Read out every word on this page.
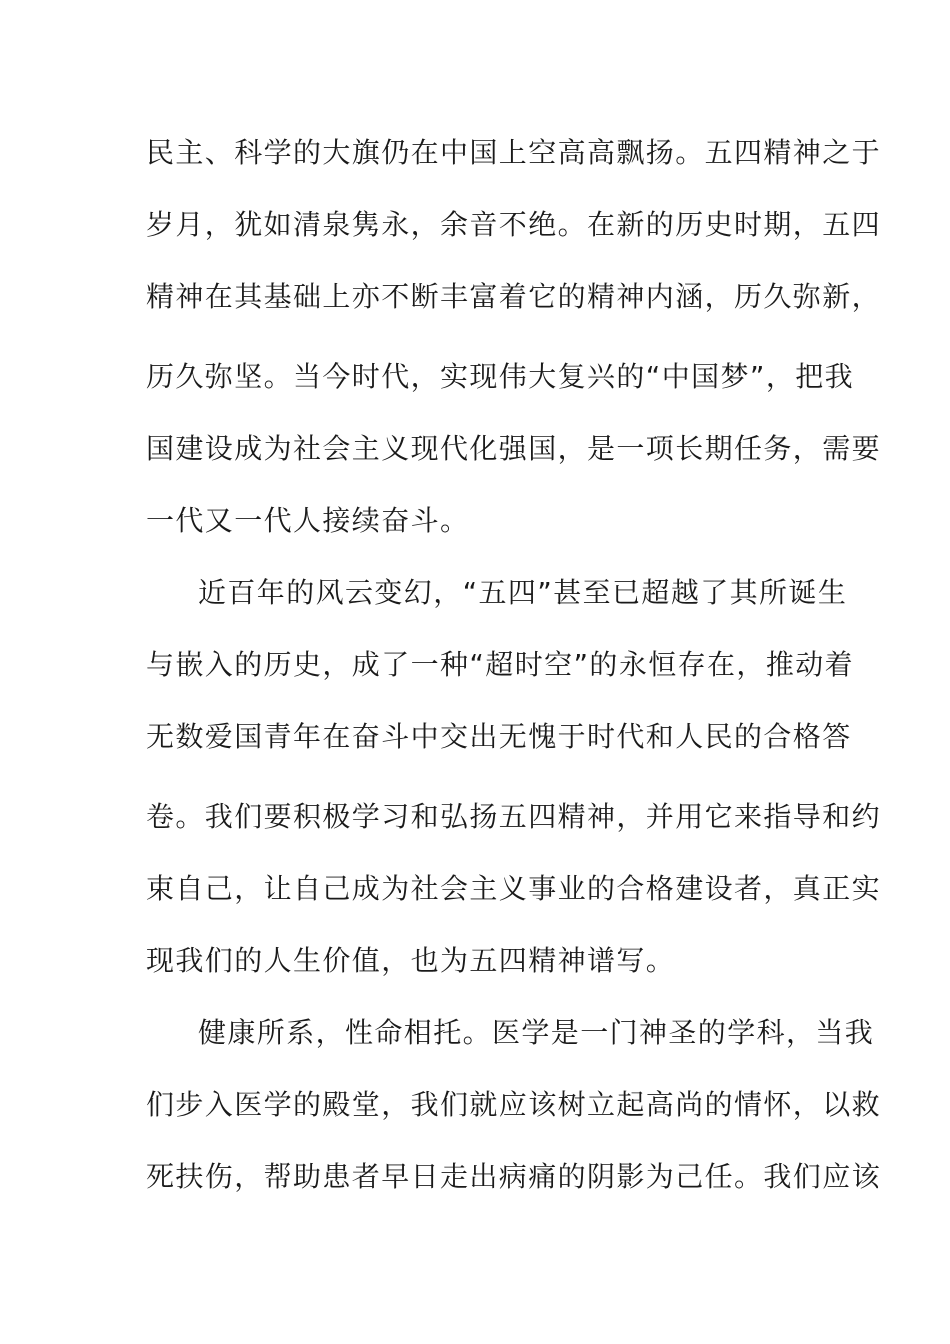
民主、科学的大旗仍在中国上空高高飘扬。五四精神之于
岁月，犹如清泉隽永，余音不绝。在新的历史时期，五四
精神在其基础上亦不断丰富着它的精神内涵，历久弥新，
历久弥坚。当今时代，实现伟大复兴的“中国梦”，把我
国建设成为社会主义现代化强国，是一项长期任务，需要
一代又一代人接续奋斗。
近百年的风云变幻，“五四”甚至已超越了其所诞生
与嵌入的历史，成了一种“超时空”的永恒存在，推动着
无数爱国青年在奋斗中交出无愧于时代和人民的合格答
卷。我们要积极学习和弘扬五四精神，并用它来指导和约
束自己，让自己成为社会主义事业的合格建设者，真正实
现我们的人生价值，也为五四精神谱写。
健康所系，性命相托。医学是一门神圣的学科，当我
们步入医学的殿堂，我们就应该树立起高尚的情怀，以救
死扶伤，帮助患者早日走出病痛的阴影为己任。我们应该
